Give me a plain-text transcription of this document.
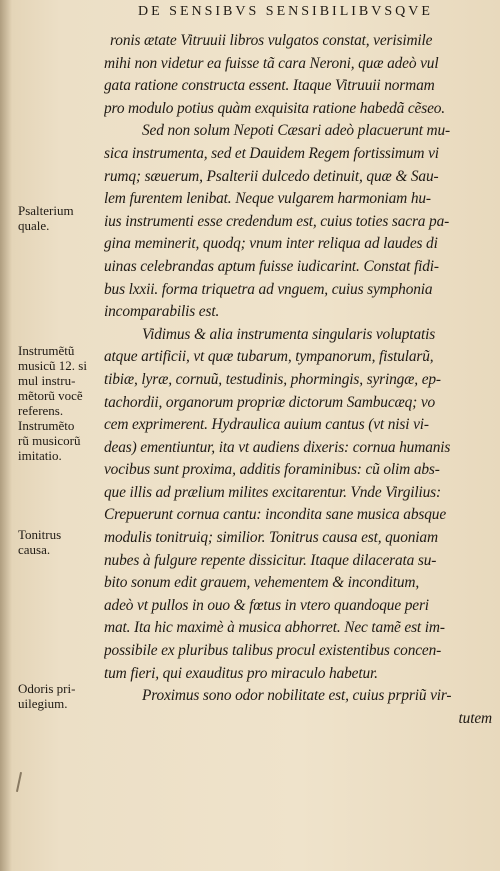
DE SENSIBVS SENSIBILIBVSQVE
ronis ætate Vitruuii libros vulgatos constat, verisimile
mihi non videtur ea fuisse tã cara Neroni, quæ adeò vul
gata ratione constructa essent. Itaque Vitruuii normam
pro modulo potius quàm exquisita ratione habedã cẽseo.
Sed non solum Nepoti Cæsari adeò placuerunt mu-
sica instrumenta, sed et Dauidem Regem fortissimum vi
rumq; sæuerum, Psalterii dulcedo detinuit, quæ & Sau-
lem furentem lenibat. Neque vulgarem harmoniam hu-
ius instrumenti esse credendum est, cuius toties sacra pa-
gina meminerit, quodq; vnum inter reliqua ad laudes di
uinas celebrandas aptum fuisse iudicarint. Constat fidi-
bus lxxii. forma triquetra ad vnguem, cuius symphonia
incomparabilis est.
Vidimus & alia instrumenta singularis voluptatis
atque artificii, vt quæ tubarum, tympanorum, fistularũ,
tibiæ, lyræ, cornuũ, testudinis, phormingis, syringæ, ep-
tachordii, organorum propriæ dictorum Sambucæq; vo
cem exprimerent. Hydraulica auium cantus (vt nisi vi-
deas) ementiuntur, ita vt audiens dixeris: cornua humanis
vocibus sunt proxima, additis foraminibus: cũ olim abs-
que illis ad prælium milites excitarentur. Vnde Virgilius:
Crepuerunt cornua cantu: incondita sane musica absque
modulis tonitruiq; similior. Tonitrus causa est, quoniam
nubes à fulgure repente dissicitur. Itaque dilacerata su-
bito sonum edit grauem, vehementem & inconditum,
adeò vt pullos in ouo & fœtus in vtero quandoque peri
mat. Ita hic maximè à musica abhorret. Nec tamẽ est im-
possibile ex pluribus talibus procul existentibus concen-
tum fieri, qui exauditus pro miraculo habetur.
Proximus sono odor nobilitate est, cuius prpriũ vir-
tutem
Psalterium
quale.
Instrumẽtũ
musicũ 12. si
mul instru-
mẽtorũ vocẽ
referens.
Instrumẽto
rũ musicorũ
imitatio.
Tonitrus
causa.
Odoris pri-
uilegium.
